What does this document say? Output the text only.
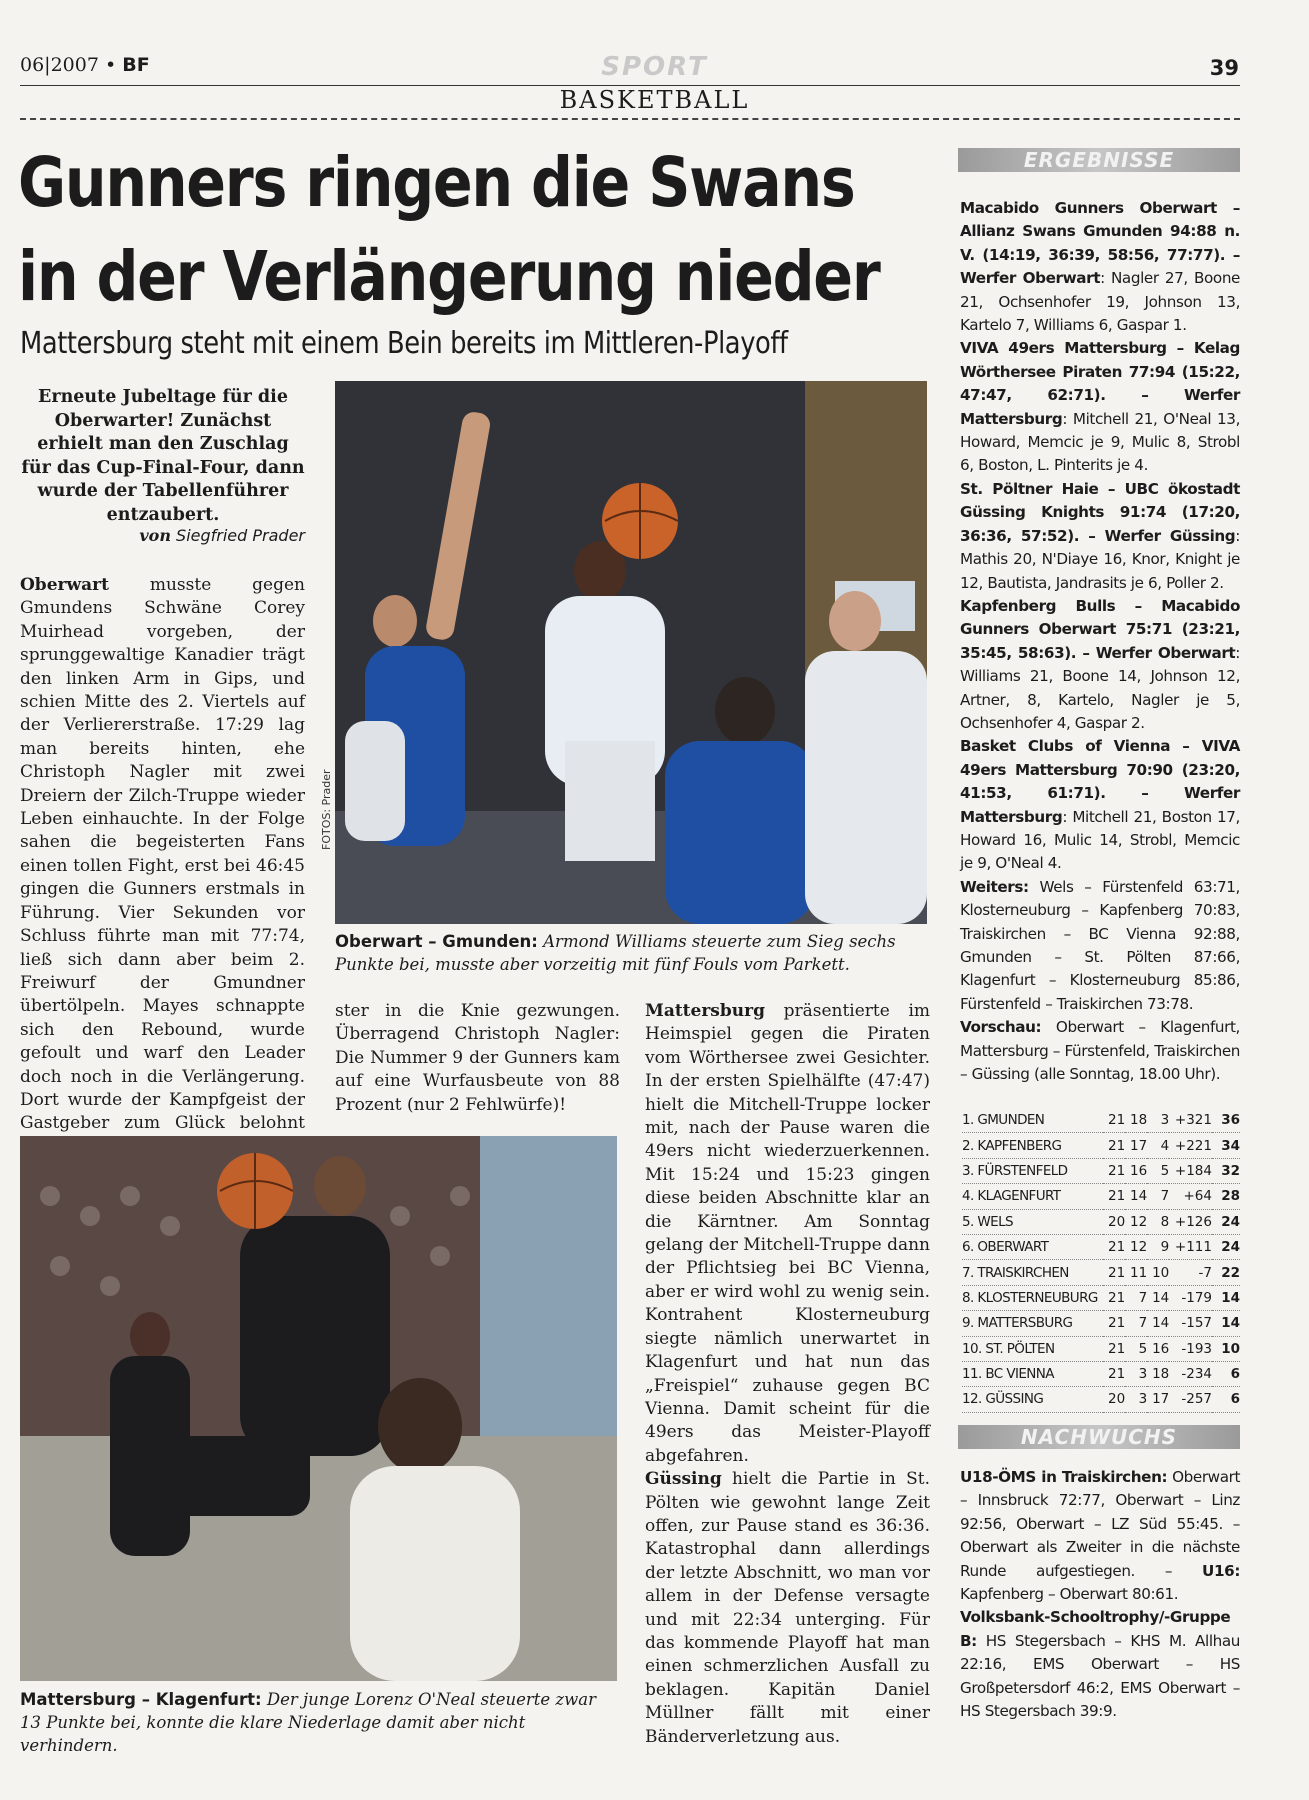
06|2007 • BF	SPORT	39
BASKETBALL
Gunners ringen die Swans
in der Verlängerung nieder
Mattersburg steht mit einem Bein bereits im Mittleren-Playoff
Erneute Jubeltage für die Oberwarter! Zunächst erhielt man den Zuschlag für das Cup-Final-Four, dann wurde der Tabellenführer entzaubert.
von Siegfried Prader

Oberwart musste gegen Gmundens Schwäne Corey Muirhead vorgeben, der sprunggewaltige Kanadier trägt den linken Arm in Gips, und schien Mitte des 2. Viertels auf der Verliererstraße. 17:29 lag man bereits hinten, ehe Christoph Nagler mit zwei Dreiern der Zilch-Truppe wieder Leben einhauchte. In der Folge sahen die begeisterten Fans einen tollen Fight, erst bei 46:45 gingen die Gunners erstmals in Führung. Vier Sekunden vor Schluss führte man mit 77:74, ließ sich dann aber beim 2. Freiwurf der Gmundner übertölpeln. Mayes schnappte sich den Rebound, wurde gefoult und warf den Leader doch noch in die Verlängerung. Dort wurde der Kampfgeist der Gastgeber zum Glück belohnt

FOTOS: Prader
Oberwart – Gmunden: Armond Williams steuerte zum Sieg sechs Punkte bei, musste aber vorzeitig mit fünf Fouls vom Parkett.

ster in die Knie gezwungen. Überragend Christoph Nagler: Die Nummer 9 der Gunners kam auf eine Wurfausbeute von 88 Prozent (nur 2 Fehlwürfe)!

Mattersburg präsentierte im Heimspiel gegen die Piraten vom Wörthersee zwei Gesichter. In der ersten Spielhälfte (47:47) hielt die Mitchell-Truppe locker mit, nach der Pause waren die 49ers nicht wiederzuerkennen. Mit 15:24 und 15:23 gingen diese beiden Abschnitte klar an die Kärntner. Am Sonntag gelang der Mitchell-Truppe dann der Pflichtsieg bei BC Vienna, aber er wird wohl zu wenig sein. Kontrahent Klosterneuburg siegte nämlich unerwartet in Klagenfurt und hat nun das „Freispiel“ zuhause gegen BC Vienna. Damit scheint für die 49ers das Meister-Playoff abgefahren.

Güssing hielt die Partie in St. Pölten wie gewohnt lange Zeit offen, zur Pause stand es 36:36. Katastrophal dann allerdings der letzte Abschnitt, wo man vor allem in der Defense versagte und mit 22:34 unterging. Für das kommende Playoff hat man einen schmerzlichen Ausfall zu beklagen. Kapitän Daniel Müllner fällt mit einer Bänderverletzung aus.

Mattersburg – Klagenfurt: Der junge Lorenz O'Neal steuerte zwar 13 Punkte bei, konnte die klare Niederlage damit aber nicht verhindern.
ERGEBNISSE

Macabido Gunners Oberwart – Allianz Swans Gmunden 94:88 n. V. (14:19, 36:39, 58:56, 77:77). – Werfer Oberwart: Nagler 27, Boone 21, Ochsenhofer 19, Johnson 13, Kartelo 7, Williams 6, Gaspar 1.

VIVA 49ers Mattersburg – Kelag Wörthersee Piraten 77:94 (15:22, 47:47, 62:71). – Werfer Mattersburg: Mitchell 21, O'Neal 13, Howard, Memcic je 9, Mulic 8, Strobl 6, Boston, L. Pinterits je 4.

St. Pöltner Haie – UBC ökostadt Güssing Knights 91:74 (17:20, 36:36, 57:52). – Werfer Güssing: Mathis 20, N'Diaye 16, Knor, Knight je 12, Bautista, Jandrasits je 6, Poller 2.

Kapfenberg Bulls – Macabido Gunners Oberwart 75:71 (23:21, 35:45, 58:63). – Werfer Oberwart: Williams 21, Boone 14, Johnson 12, Artner, 8, Kartelo, Nagler je 5, Ochsenhofer 4, Gaspar 2.

Basket Clubs of Vienna – VIVA 49ers Mattersburg 70:90 (23:20, 41:53, 61:71). – Werfer Mattersburg: Mitchell 21, Boston 17, Howard 16, Mulic 14, Strobl, Memcic je 9, O'Neal 4.

Weiters: Wels – Fürstenfeld 63:71, Klosterneuburg – Kapfenberg 70:83, Traiskirchen – BC Vienna 92:88, Gmunden – St. Pölten 87:66, Klagenfurt – Klosterneuburg 85:86, Fürstenfeld – Traiskirchen 73:78.

Vorschau: Oberwart – Klagenfurt, Mattersburg – Fürstenfeld, Traiskirchen – Güssing (alle Sonntag, 18.00 Uhr).

1. GMUNDEN	21	18	3	+321	36
2. KAPFENBERG	21	17	4	+221	34
3. FÜRSTENFELD	21	16	5	+184	32
4. KLAGENFURT	21	14	7	+64	28
5. WELS	20	12	8	+126	24
6. OBERWART	21	12	9	+111	24
7. TRAISKIRCHEN	21	11	10	-7	22
8. KLOSTERNEUBURG	21	7	14	-179	14
9. MATTERSBURG	21	7	14	-157	14
10. ST. PÖLTEN	21	5	16	-193	10
11. BC VIENNA	21	3	18	-234	6
12. GÜSSING	20	3	17	-257	6
NACHWUCHS

U18-ÖMS in Traiskirchen: Oberwart – Innsbruck 72:77, Oberwart – Linz 92:56, Oberwart – LZ Süd 55:45. – Oberwart als Zweiter in die nächste Runde aufgestiegen. – U16: Kapfenberg – Oberwart 80:61.

Volksbank-Schooltrophy/-Gruppe B: HS Stegersbach – KHS M. Allhau 22:16, EMS Oberwart – HS Großpetersdorf 46:2, EMS Oberwart – HS Stegersbach 39:9.
